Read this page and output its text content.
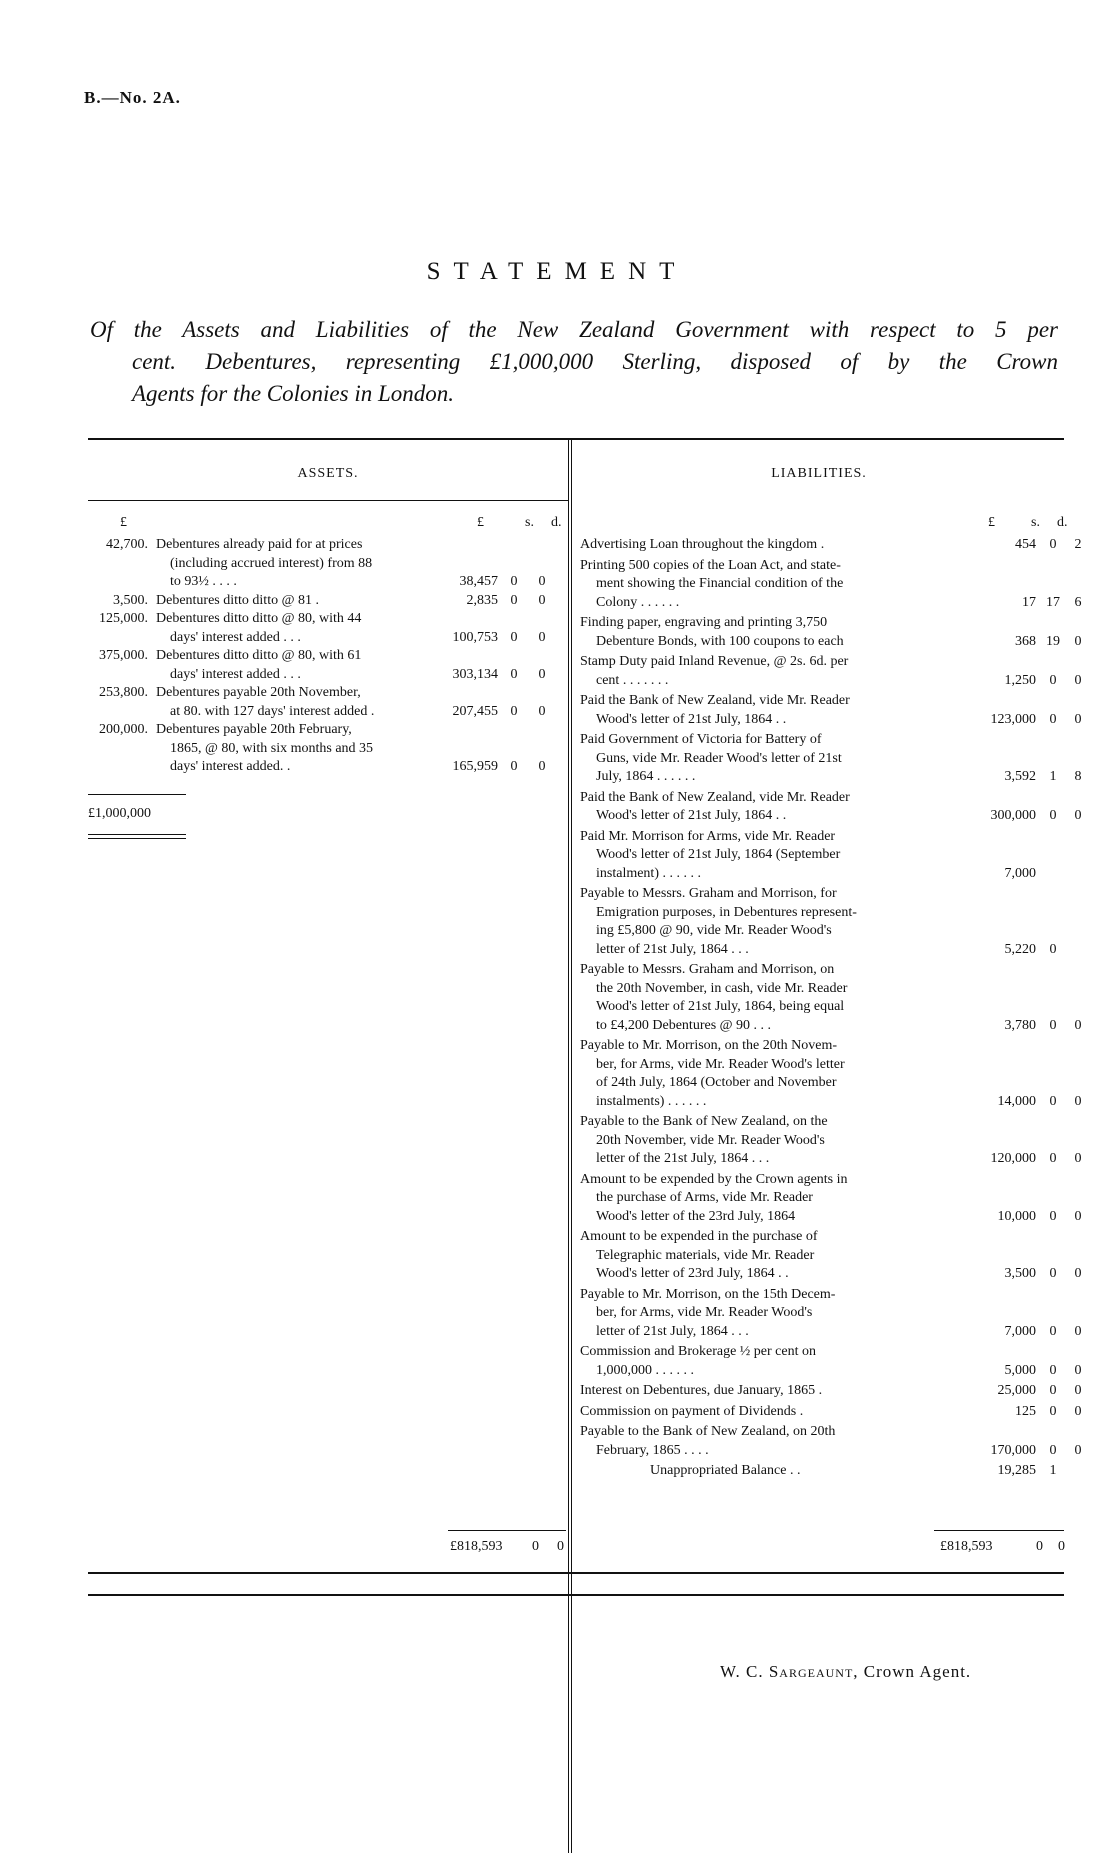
B.—No. 2A.
STATEMENT
Of the Assets and Liabilities of the New Zealand Government with respect to 5 per
cent. Debentures, representing £1,000,000 Sterling, disposed of by the Crown
Agents for the Colonies in London.
ASSETS.	LIABILITIES.
£	£	s. d.	£	s. d.
42,700. Debentures already paid for at prices
(including accrued interest) from 88
to 93½ . . . .	38,457 0	0
3,500. Debentures ditto ditto @ 81 .	2,835 0	0
125,000. Debentures ditto ditto @ 80, with 44
days' interest added . . .	100,753 0	0
375,000. Debentures ditto ditto @ 80, with 61
days' interest added . . .	303,134 0	0
253,800. Debentures payable 20th November,
at 80. with 127 days' interest added .	207,455 0	0
200,000. Debentures payable 20th February,
1865, @ 80, with six months and 35
days' interest added. .	165,959 0	0
Advertising Loan throughout the kingdom .	454 0	2
Printing 500 copies of the Loan Act, and state-
ment showing the Financial condition of the
Colony . . . . . .	17 17	6
Finding paper, engraving and printing 3,750
Debenture Bonds, with 100 coupons to each	368 19	0
Stamp Duty paid Inland Revenue, @ 2s. 6d. per
cent . . . . . . .	1,250 0	0
Paid the Bank of New Zealand, vide Mr. Reader
Wood's letter of 21st July, 1864 . .	123,000 0	0
Paid Government of Victoria for Battery of
Guns, vide Mr. Reader Wood's letter of 21st
July, 1864 . . . . . .	3,592 1	8
Paid the Bank of New Zealand, vide Mr. Reader
Wood's letter of 21st July, 1864 . .	300,000 0	0
Paid Mr. Morrison for Arms, vide Mr. Reader
Wood's letter of 21st July, 1864 (September
instalment) . . . . . .	7,000
Payable to Messrs. Graham and Morrison, for
Emigration purposes, in Debentures represent-
ing £5,800 @ 90, vide Mr. Reader Wood's
letter of 21st July, 1864 . . .	5,220 0
Payable to Messrs. Graham and Morrison, on
the 20th November, in cash, vide Mr. Reader
Wood's letter of 21st July, 1864, being equal
to £4,200 Debentures @ 90 . . .	3,780 0	0
Payable to Mr. Morrison, on the 20th Novem-
ber, for Arms, vide Mr. Reader Wood's letter
of 24th July, 1864 (October and November
instalments) . . . . . .	14,000 0	0
Payable to the Bank of New Zealand, on the
20th November, vide Mr. Reader Wood's
letter of the 21st July, 1864 . . .	120,000 0	0
Amount to be expended by the Crown agents in
the purchase of Arms, vide Mr. Reader
Wood's letter of the 23rd July, 1864	10,000 0	0
Amount to be expended in the purchase of
Telegraphic materials, vide Mr. Reader
Wood's letter of 23rd July, 1864 . .	3,500 0	0
Payable to Mr. Morrison, on the 15th Decem-
ber, for Arms, vide Mr. Reader Wood's
letter of 21st July, 1864 . . .	7,000 0	0
Commission and Brokerage ½ per cent on
1,000,000 . . . . . .	5,000 0	0
Interest on Debentures, due January, 1865 .	25,000 0	0
Commission on payment of Dividends .	125 0	0
Payable to the Bank of New Zealand, on 20th
February, 1865 . . . .	170,000 0	0
Unappropriated Balance . .	19,285 1
£1,000,000
£818,593 0 0	£818,593	0 0
W. C. Sargeaunt, Crown Agent.
